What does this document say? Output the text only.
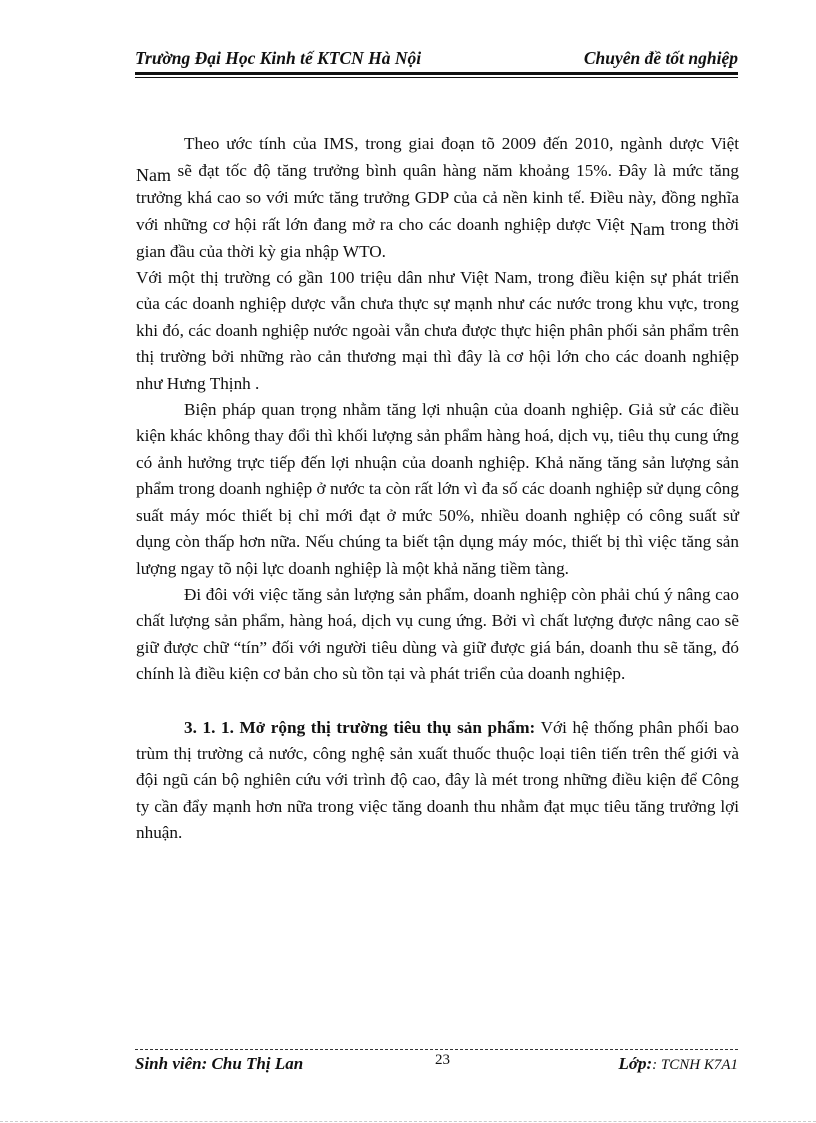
Trường Đại Học Kinh tế KTCN Hà Nội	Chuyên đề tốt nghiệp

Theo ước tính của IMS, trong giai đoạn tõ 2009 đến 2010, ngành dược Việt Nam sẽ đạt tốc độ tăng trưởng bình quân hàng năm khoảng 15%. Đây là mức tăng trưởng khá cao so với mức tăng trưởng GDP của cả nền kinh tế. Điều này, đồng nghĩa với những cơ hội rất lớn đang mở ra cho các doanh nghiệp dược Việt Nam trong thời gian đầu của thời kỳ gia nhập WTO.

Với một thị trường có gần 100 triệu dân như Việt Nam, trong điều kiện sự phát triển của các doanh nghiệp dược vẫn chưa thực sự mạnh như các nước trong khu vực, trong khi đó, các doanh nghiệp nước ngoài vẫn chưa được thực hiện phân phối sản phẩm trên thị trường bởi những rào cản thương mại thì đây là cơ hội lớn cho các doanh nghiệp như Hưng Thịnh .

Biện pháp quan trọng nhằm tăng lợi nhuận của doanh nghiệp. Giả sử các điều kiện khác không thay đổi thì khối lượng sản phẩm hàng hoá, dịch vụ, tiêu thụ cung ứng có ảnh hưởng trực tiếp đến lợi nhuận của doanh nghiệp. Khả năng tăng sản lượng sản phẩm trong doanh nghiệp ở nước ta còn rất lớn vì đa số các doanh nghiệp sử dụng công suất máy móc thiết bị chỉ mới đạt ở mức 50%, nhiều doanh nghiệp có công suất sử dụng còn thấp hơn nữa. Nếu chúng ta biết tận dụng máy móc, thiết bị thì việc tăng sản lượng ngay tõ nội lực doanh nghiệp là một khả năng tiềm tàng.

Đi đôi với việc tăng sản lượng sản phẩm, doanh nghiệp còn phải chú ý nâng cao chất lượng sản phẩm, hàng hoá, dịch vụ cung ứng. Bởi vì chất lượng được nâng cao sẽ giữ được chữ “tín” đối với người tiêu dùng và giữ được giá bán, doanh thu sẽ tăng, đó chính là điều kiện cơ bản cho sù tồn tại và phát triển của doanh nghiệp.

3. 1. 1. Mở rộng thị trường tiêu thụ sản phẩm: Với hệ thống phân phối bao trùm thị trường cả nước, công nghệ sản xuất thuốc thuộc loại tiên tiến trên thế giới và đội ngũ cán bộ nghiên cứu với trình độ cao, đây là mét trong những điều kiện để Công ty cần đẩy mạnh hơn nữa trong việc tăng doanh thu nhằm đạt mục tiêu tăng trưởng lợi nhuận.

Sinh viên: Chu Thị Lan	23	Lớp:: TCNH K7A1
